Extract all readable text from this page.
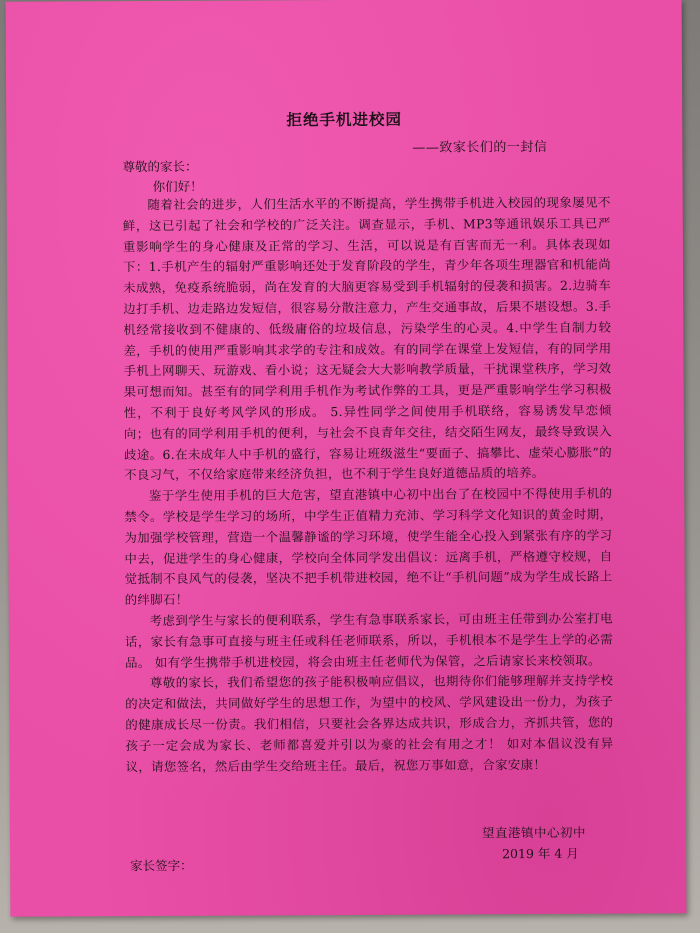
拒绝手机进校园
——致家长们的一封信
尊敬的家长：
你们好！

随着社会的进步，人们生活水平的不断提高，学生携带手机进入校园的现象屡见不鲜，这已引起了社会和学校的广泛关注。调查显示，手机、MP3等通讯娱乐工具已严重影响学生的身心健康及正常的学习、生活，可以说是有百害而无一利。具体表现如下：1.手机产生的辐射严重影响还处于发育阶段的学生，青少年各项生理器官和机能尚未成熟，免疫系统脆弱，尚在发育的大脑更容易受到手机辐射的侵袭和损害。2.边骑车边打手机、边走路边发短信，很容易分散注意力，产生交通事故，后果不堪设想。3.手机经常接收到不健康的、低级庸俗的垃圾信息，污染学生的心灵。4.中学生自制力较差，手机的使用严重影响其求学的专注和成效。有的同学在课堂上发短信，有的同学用手机上网聊天、玩游戏、看小说；这无疑会大大影响教学质量，干扰课堂秩序，学习效果可想而知。甚至有的同学利用手机作为考试作弊的工具，更是严重影响学生学习积极性，不利于良好考风学风的形成。 5.异性同学之间使用手机联络，容易诱发早恋倾向；也有的同学利用手机的便利，与社会不良青年交往，结交陌生网友，最终导致误入歧途。6.在未成年人中手机的盛行，容易让班级滋生“要面子、搞攀比、虚荣心膨胀”的不良习气，不仅给家庭带来经济负担，也不利于学生良好道德品质的培养。

鉴于学生使用手机的巨大危害，望直港镇中心初中出台了在校园中不得使用手机的禁令。学校是学生学习的场所，中学生正值精力充沛、学习科学文化知识的黄金时期，为加强学校管理，营造一个温馨静谧的学习环境，使学生能全心投入到紧张有序的学习中去，促进学生的身心健康，学校向全体同学发出倡议：远离手机，严格遵守校规，自觉抵制不良风气的侵袭，坚决不把手机带进校园，绝不让“手机问题”成为学生成长路上的绊脚石！

考虑到学生与家长的便利联系，学生有急事联系家长，可由班主任带到办公室打电话，家长有急事可直接与班主任或科任老师联系，所以，手机根本不是学生上学的必需品。 如有学生携带手机进校园，将会由班主任老师代为保管，之后请家长来校领取。

尊敬的家长，我们希望您的孩子能积极响应倡议，也期待你们能够理解并支持学校的决定和做法，共同做好学生的思想工作，为望中的校风、学风建设出一份力，为孩子的健康成长尽一份责。我们相信，只要社会各界达成共识，形成合力，齐抓共管，您的孩子一定会成为家长、老师都喜爱并引以为豪的社会有用之才！ 如对本倡议没有异议，请您签名，然后由学生交给班主任。最后，祝您万事如意，合家安康！

望直港镇中心初中
2019 年 4 月
家长签字：
